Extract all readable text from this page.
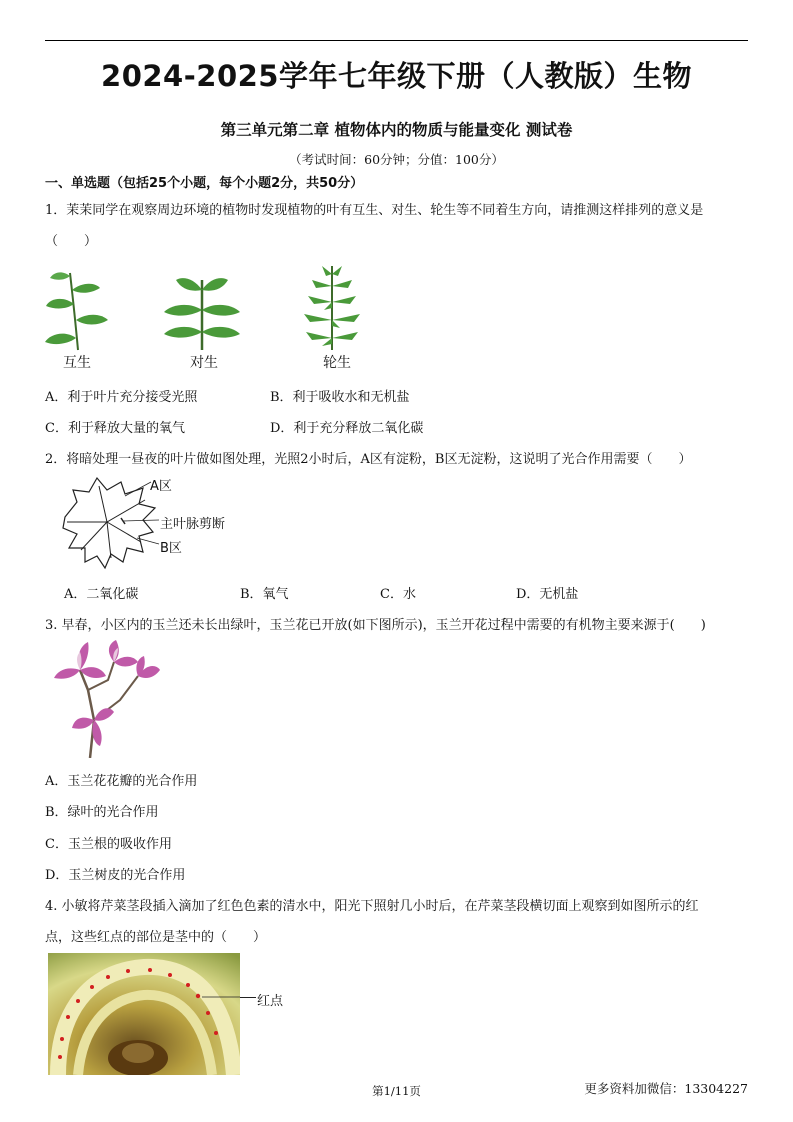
2024-2025学年七年级下册（人教版）生物
第三单元第二章 植物体内的物质与能量变化 测试卷
（考试时间：60分钟；分值：100分）
一、单选题（包括25个小题，每个小题2分，共50分）
1．茉茉同学在观察周边环境的植物时发现植物的叶有互生、对生、轮生等不同着生方向，请推测这样排列的意义是
（　　）
互生	对生	轮生
A．利于叶片充分接受光照	B．利于吸收水和无机盐
C．利于释放大量的氧气	D．利于充分释放二氧化碳
2．将暗处理一昼夜的叶片做如图处理，光照2小时后，A区有淀粉，B区无淀粉，这说明了光合作用需要（　　）
A区
主叶脉剪断
B区
A．二氧化碳	B．氧气	C．水	D．无机盐
3. 早春，小区内的玉兰还未长出绿叶，玉兰花已开放(如下图所示)，玉兰开花过程中需要的有机物主要来源于(　　)
A．玉兰花花瓣的光合作用
B．绿叶的光合作用
C．玉兰根的吸收作用
D．玉兰树皮的光合作用
4. 小敏将芹菜茎段插入滴加了红色色素的清水中，阳光下照射几小时后，在芹菜茎段横切面上观察到如图所示的红
点，这些红点的部位是茎中的（　　）
红点
第1/11页	更多资料加微信：13304227
